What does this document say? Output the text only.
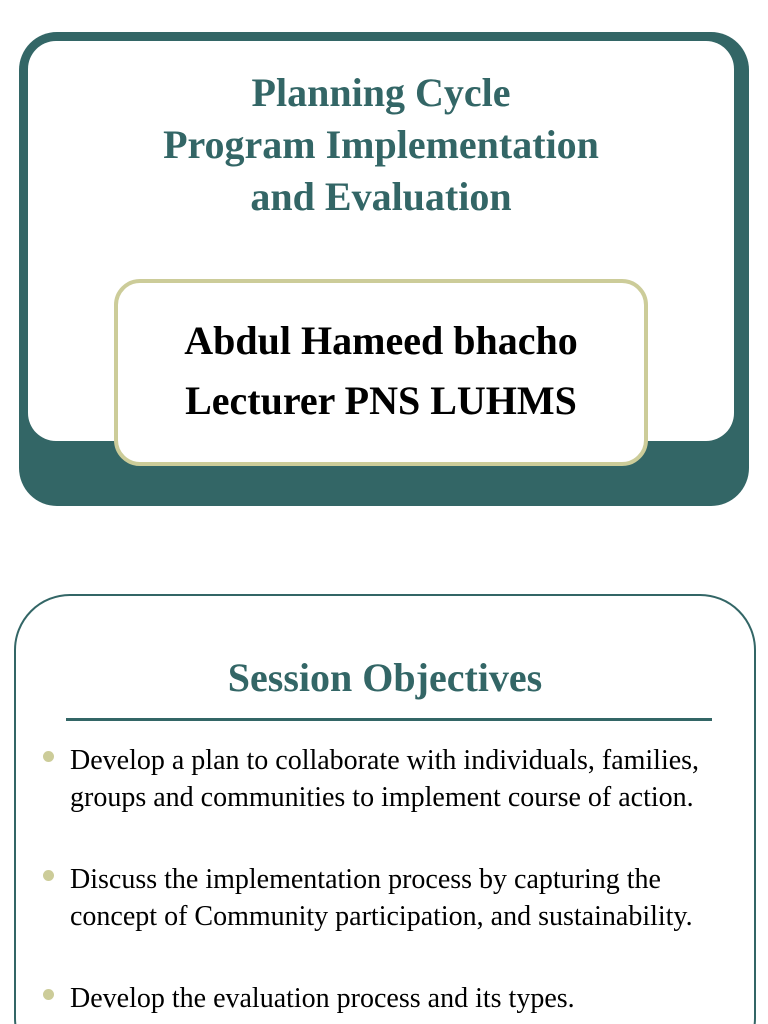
Planning Cycle
Program Implementation
and Evaluation
Abdul Hameed bhacho
Lecturer PNS LUHMS
Session Objectives
Develop a plan to collaborate with individuals, families, groups and communities to implement course of action.
Discuss the implementation process by capturing the concept of Community participation, and sustainability.
Develop the evaluation process and its types.
